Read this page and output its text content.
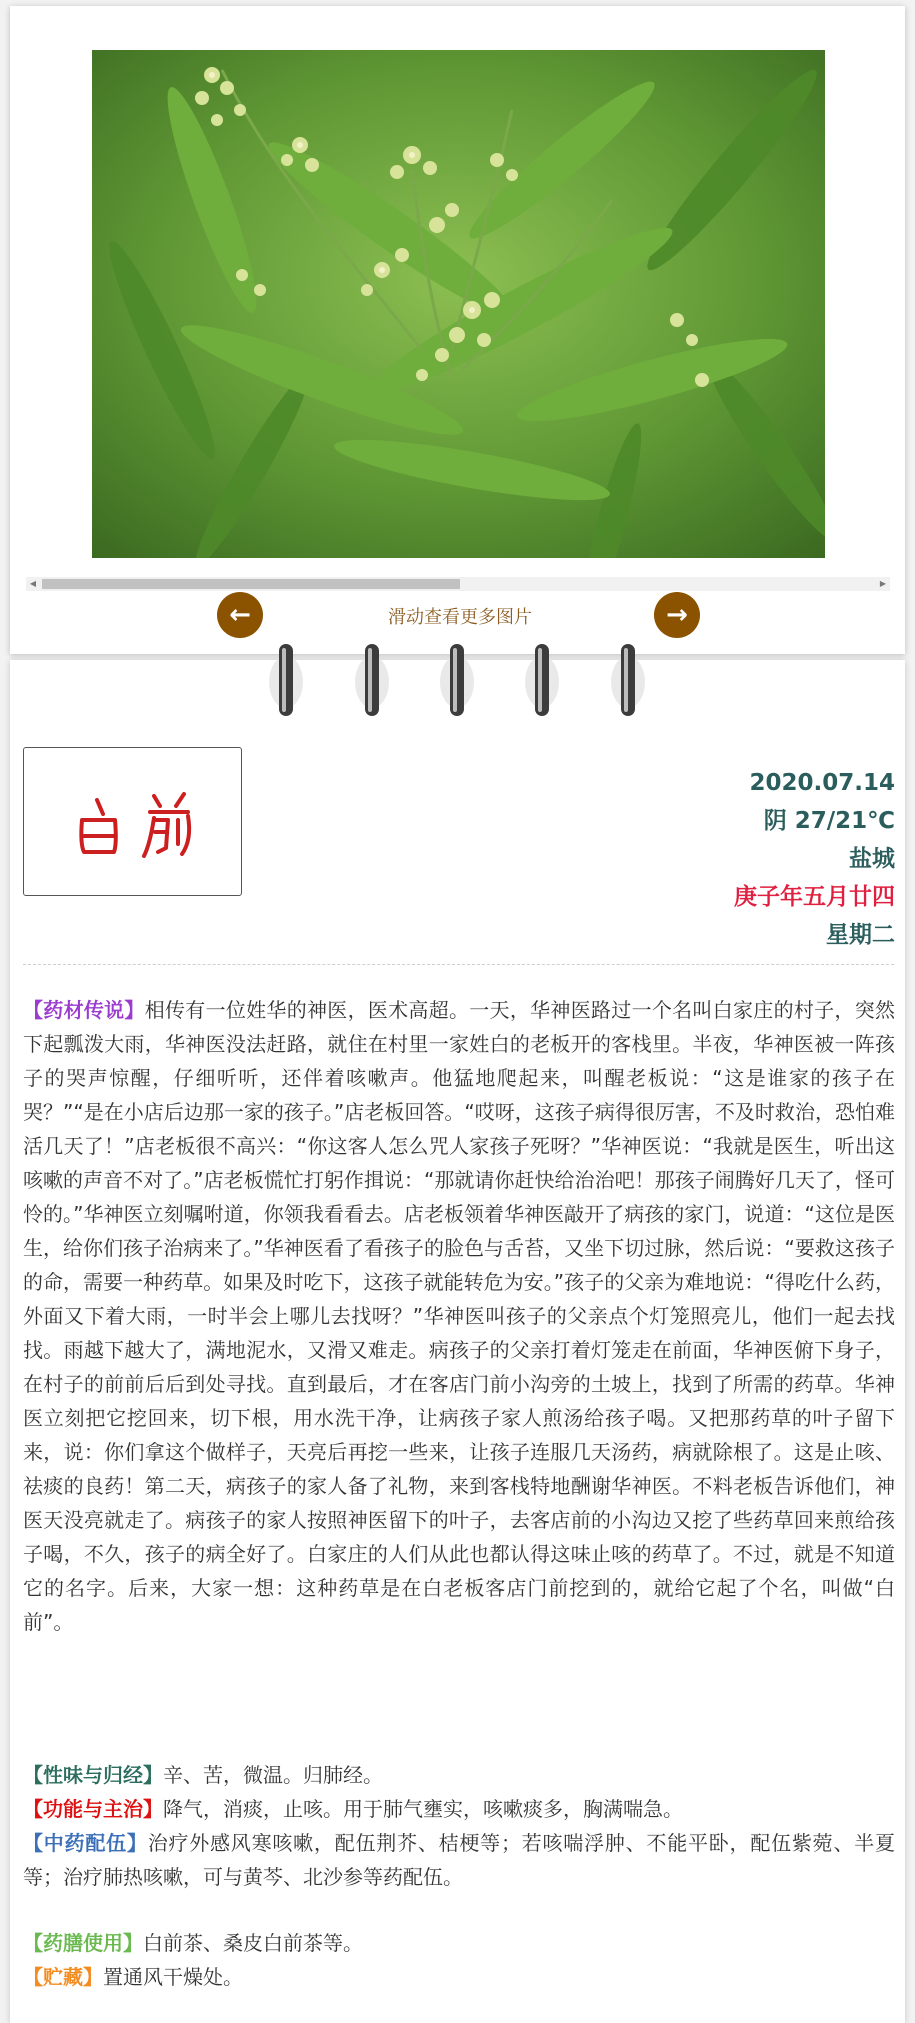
◀	▶
←	滑动查看更多图片	→
2020.07.14
阴 27/21℃
盐城
庚子年五月廿四
星期二
【药材传说】相传有一位姓华的神医，医术高超。一天，华神医路过一个名叫白家庄的村子，突然下起瓢泼大雨，华神医没法赶路，就住在村里一家姓白的老板开的客栈里。半夜，华神医被一阵孩子的哭声惊醒，仔细听听，还伴着咳嗽声。他猛地爬起来，叫醒老板说：“这是谁家的孩子在哭？”“是在小店后边那一家的孩子。”店老板回答。“哎呀，这孩子病得很厉害，不及时救治，恐怕难活几天了！”店老板很不高兴：“你这客人怎么咒人家孩子死呀？”华神医说：“我就是医生，听出这咳嗽的声音不对了。”店老板慌忙打躬作揖说：“那就请你赶快给治治吧！那孩子闹腾好几天了，怪可怜的。”华神医立刻嘱咐道，你领我看看去。店老板领着华神医敲开了病孩的家门，说道：“这位是医生，给你们孩子治病来了。”华神医看了看孩子的脸色与舌苔，又坐下切过脉，然后说：“要救这孩子的命，需要一种药草。如果及时吃下，这孩子就能转危为安。”孩子的父亲为难地说：“得吃什么药，外面又下着大雨，一时半会上哪儿去找呀？”华神医叫孩子的父亲点个灯笼照亮儿，他们一起去找找。雨越下越大了，满地泥水，又滑又难走。病孩子的父亲打着灯笼走在前面，华神医俯下身子，在村子的前前后后到处寻找。直到最后，才在客店门前小沟旁的土坡上，找到了所需的药草。华神医立刻把它挖回来，切下根，用水洗干净，让病孩子家人煎汤给孩子喝。又把那药草的叶子留下来，说：你们拿这个做样子，天亮后再挖一些来，让孩子连服几天汤药，病就除根了。这是止咳、祛痰的良药！第二天，病孩子的家人备了礼物，来到客栈特地酬谢华神医。不料老板告诉他们，神医天没亮就走了。病孩子的家人按照神医留下的叶子，去客店前的小沟边又挖了些药草回来煎给孩子喝，不久，孩子的病全好了。白家庄的人们从此也都认得这味止咳的药草了。不过，就是不知道它的名字。后来，大家一想：这种药草是在白老板客店门前挖到的，就给它起了个名，叫做“白前”。

【性味与归经】辛、苦，微温。归肺经。

【功能与主治】降气，消痰，止咳。用于肺气壅实，咳嗽痰多，胸满喘急。

【中药配伍】治疗外感风寒咳嗽，配伍荆芥、桔梗等；若咳喘浮肿、不能平卧，配伍紫菀、半夏等；治疗肺热咳嗽，可与黄芩、北沙参等药配伍。

【药膳使用】白前茶、桑皮白前茶等。

【贮藏】置通风干燥处。
